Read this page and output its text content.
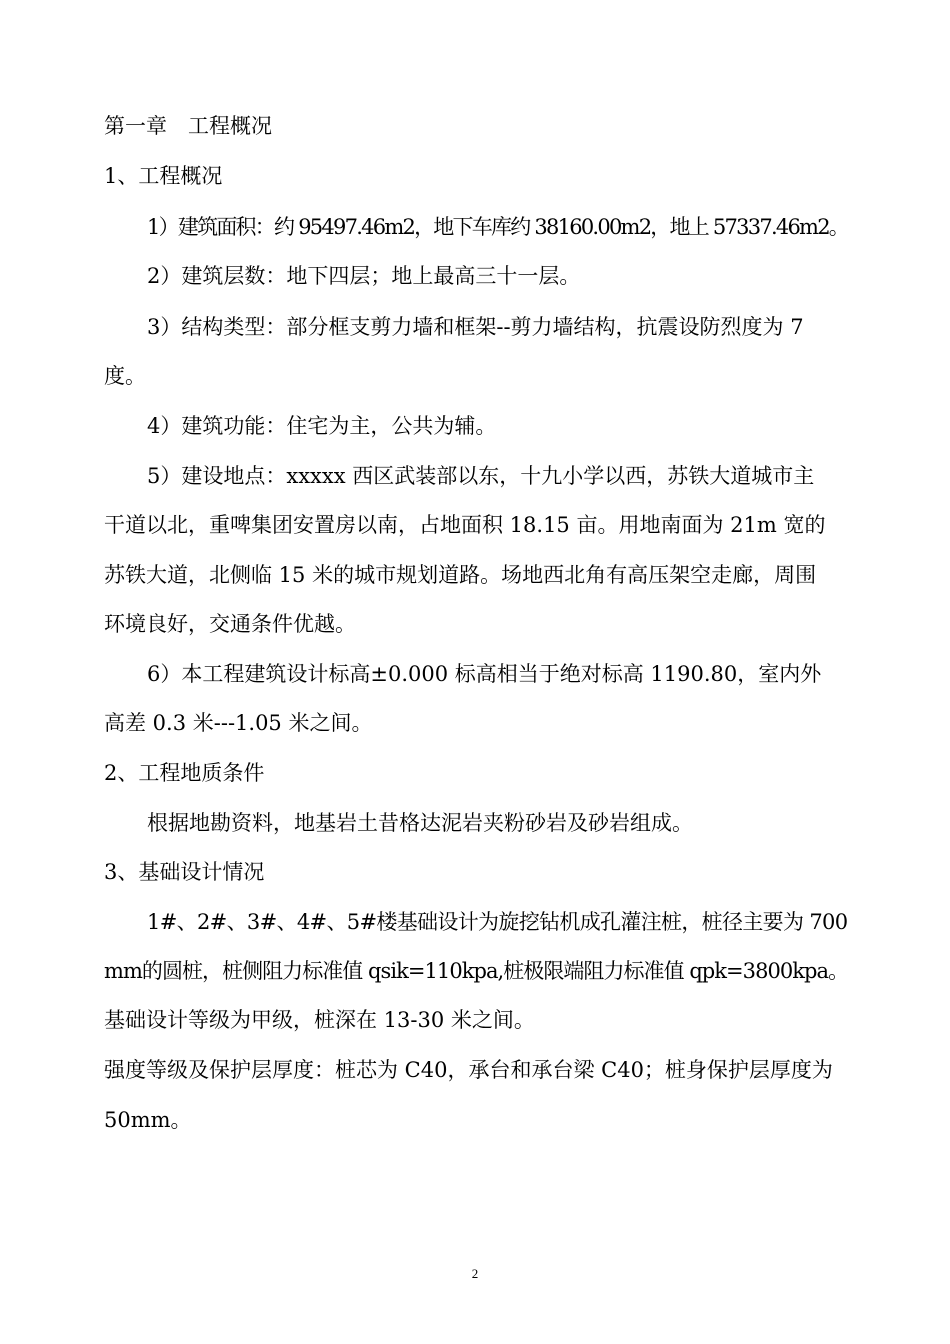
第一章　工程概况
1、工程概况
1）建筑面积：约 95497.46m2，地下车库约 38160.00m2，地上 57337.46m2。
2）建筑层数：地下四层；地上最高三十一层。
3）结构类型：部分框支剪力墙和框架--剪力墙结构，抗震设防烈度为 7
度。
4）建筑功能：住宅为主，公共为辅。
5）建设地点：xxxxx 西区武装部以东，十九小学以西，苏铁大道城市主
干道以北，重啤集团安置房以南，占地面积 18.15 亩。用地南面为 21m 宽的
苏铁大道，北侧临 15 米的城市规划道路。场地西北角有高压架空走廊，周围
环境良好，交通条件优越。
6）本工程建筑设计标高±0.000 标高相当于绝对标高 1190.80，室内外
高差 0.3 米---1.05 米之间。
2、工程地质条件
根据地勘资料，地基岩土昔格达泥岩夹粉砂岩及砂岩组成。
3、基础设计情况
1#、2#、3#、4#、5#楼基础设计为旋挖钻机成孔灌注桩，桩径主要为 700
mm的圆桩，桩侧阻力标准值 qsik=110kpa,桩极限端阻力标准值 qpk=3800kpa。
基础设计等级为甲级，桩深在 13-30 米之间。
强度等级及保护层厚度：桩芯为 C40，承台和承台梁 C40；桩身保护层厚度为
50mm。
2
